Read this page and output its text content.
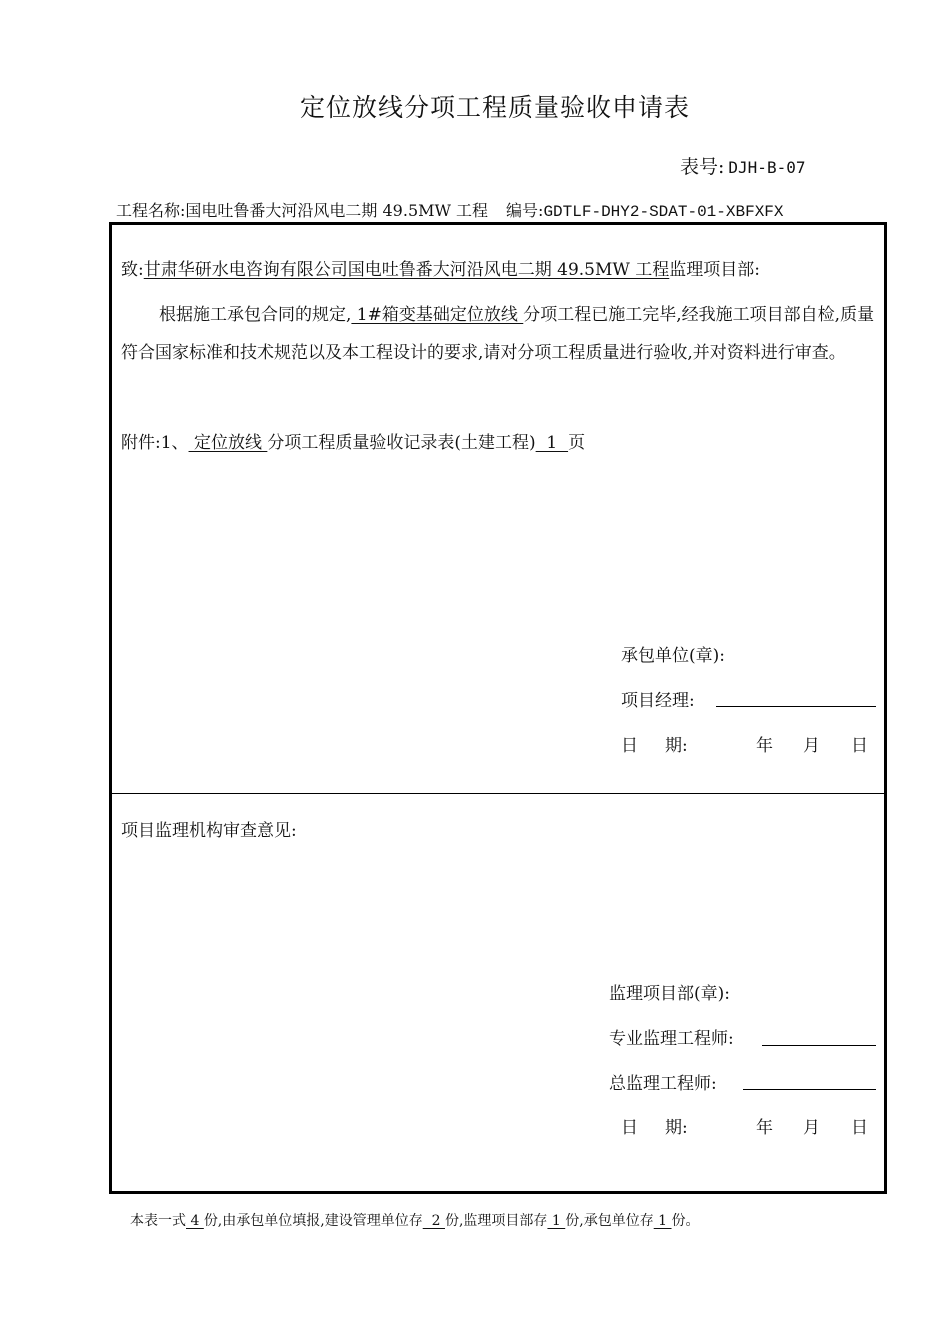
定位放线分项工程质量验收申请表
表号: DJH-B-07
工程名称:国电吐鲁番大河沿风电二期 49.5MW 工程 编号:GDTLF-DHY2-SDAT-01-XBFXFX
致:甘肃华研水电咨询有限公司国电吐鲁番大河沿风电二期 49.5MW 工程监理项目部:
根据施工承包合同的规定, 1#箱变基础定位放线 分项工程已施工完毕,经我施工项目部自检,质量符合国家标准和技术规范以及本工程设计的要求,请对分项工程质量进行验收,并对资料进行审查。
附件:1、 定位放线 分项工程质量验收记录表(土建工程)  1  页
承包单位(章):
项目经理:
日     期:	年 月 日
项目监理机构审查意见:
监理项目部(章):
专业监理工程师:
总监理工程师:
日     期:	年 月 日
本表一式 4 份,由承包单位填报,建设管理单位存  2 份,监理项目部存 1 份,承包单位存 1 份。
